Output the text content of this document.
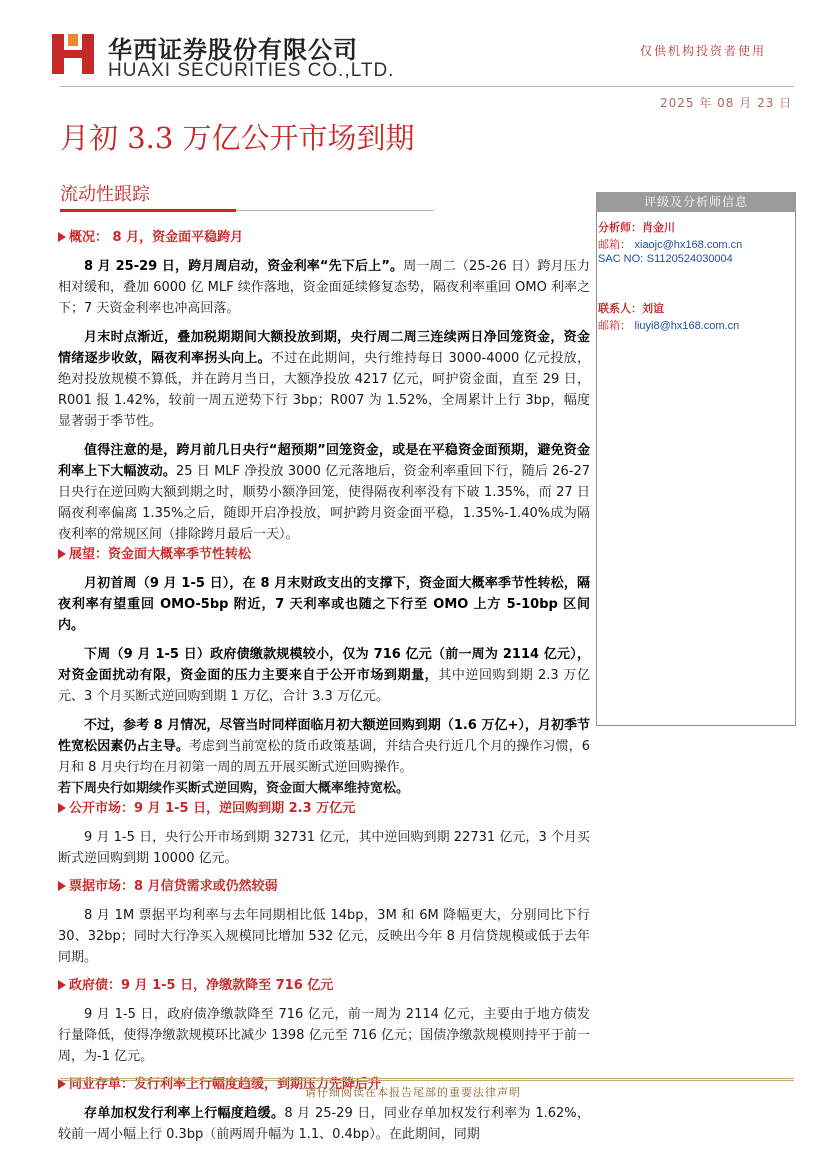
华西证券股份有限公司
HUAXI SECURITIES CO.,LTD.
仅供机构投资者使用
2025 年 08 月 23 日
月初 3.3 万亿公开市场到期
流动性跟踪	评级及分析师信息
分析师：肖金川
邮箱： xiaojc@hx168.com.cn
SAC NO: S1120524030004
联系人：刘谊
邮箱： liuyi8@hx168.com.cn
概况： 8 月，资金面平稳跨月

8 月 25-29 日，跨月周启动，资金利率“先下后上”。周一周二（25-26 日）跨月压力相对缓和，叠加 6000 亿 MLF 续作落地，资金面延续修复态势，隔夜利率重回 OMO 利率之下；7 天资金利率也冲高回落。

月末时点渐近，叠加税期期间大额投放到期，央行周二周三连续两日净回笼资金，资金情绪逐步收敛，隔夜利率拐头向上。不过在此期间，央行维持每日 3000-4000 亿元投放，绝对投放规模不算低，并在跨月当日，大额净投放 4217 亿元，呵护资金面，直至 29 日，R001 报 1.42%，较前一周五逆势下行 3bp；R007 为 1.52%，全周累计上行 3bp，幅度显著弱于季节性。

值得注意的是，跨月前几日央行“超预期”回笼资金，或是在平稳资金面预期，避免资金利率上下大幅波动。25 日 MLF 净投放 3000 亿元落地后，资金利率重回下行，随后 26-27 日央行在逆回购大额到期之时，顺势小额净回笼，使得隔夜利率没有下破 1.35%，而 27 日隔夜利率偏离 1.35%之后，随即开启净投放，呵护跨月资金面平稳，1.35%-1.40%成为隔夜利率的常规区间（排除跨月最后一天）。

展望：资金面大概率季节性转松

月初首周（9 月 1-5 日），在 8 月末财政支出的支撑下，资金面大概率季节性转松，隔夜利率有望重回 OMO-5bp 附近，7 天利率或也随之下行至 OMO 上方 5-10bp 区间内。

下周（9 月 1-5 日）政府债缴款规模较小，仅为 716 亿元（前一周为 2114 亿元），对资金面扰动有限，资金面的压力主要来自于公开市场到期量，其中逆回购到期 2.3 万亿元、3 个月买断式逆回购到期 1 万亿，合计 3.3 万亿元。

不过，参考 8 月情况，尽管当时同样面临月初大额逆回购到期（1.6 万亿+），月初季节性宽松因素仍占主导。考虑到当前宽松的货币政策基调，并结合央行近几个月的操作习惯，6 月和 8 月央行均在月初第一周的周五开展买断式逆回购操作。

若下周央行如期续作买断式逆回购，资金面大概率维持宽松。

公开市场：9 月 1-5 日，逆回购到期 2.3 万亿元

9 月 1-5 日，央行公开市场到期 32731 亿元，其中逆回购到期 22731 亿元，3 个月买断式逆回购到期 10000 亿元。

票据市场：8 月信贷需求或仍然较弱

8 月 1M 票据平均利率与去年同期相比低 14bp，3M 和 6M 降幅更大，分别同比下行 30、32bp；同时大行净买入规模同比增加 532 亿元，反映出今年 8 月信贷规模或低于去年同期。

政府债：9 月 1-5 日，净缴款降至 716 亿元

9 月 1-5 日，政府债净缴款降至 716 亿元，前一周为 2114 亿元，主要由于地方债发行量降低，使得净缴款规模环比减少 1398 亿元至 716 亿元；国债净缴款规模则持平于前一周，为-1 亿元。

同业存单：发行利率上行幅度趋缓，到期压力先降后升

存单加权发行利率上行幅度趋缓。8 月 25-29 日，同业存单加权发行利率为 1.62%，较前一周小幅上行 0.3bp（前两周升幅为 1.1、0.4bp）。在此期间，同期

请仔细阅读在本报告尾部的重要法律声明
